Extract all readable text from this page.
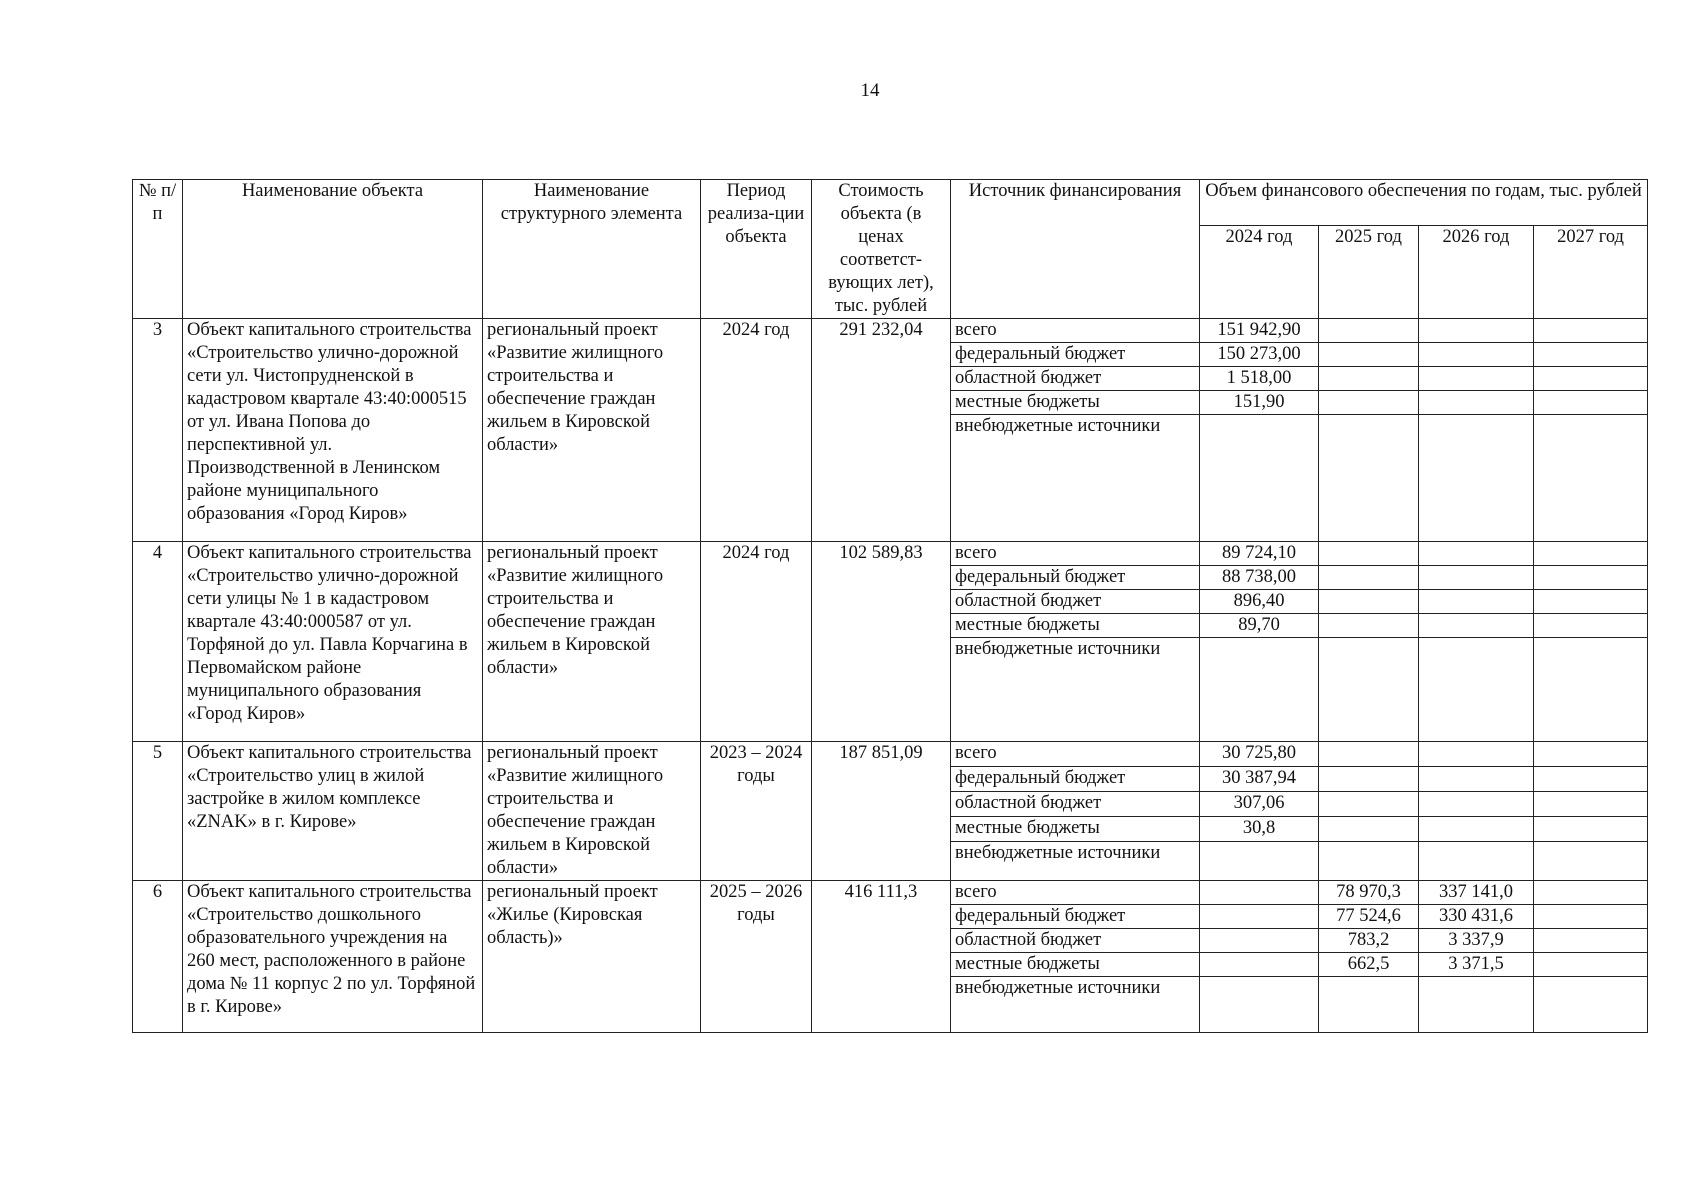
14
№ п/п	Наименование объекта	Наименование структурного элемента	Период реализа-ции объекта	Стоимость объекта (в ценах соответст-вующих лет), тыс. рублей	Источник финансирования	Объем финансового обеспечения по годам, тыс. рублей			
						2024 год	2025 год	2026 год	2027 год
3	Объект капитального строительства «Строительство улично-дорожной сети ул. Чистопрудненской в кадастровом квартале 43:40:000515 от ул. Ивана Попова до перспективной ул. Производственной в Ленинском районе муниципального образования «Город Киров»	региональный проект «Развитие жилищного строительства и обеспечение граждан жильем в Кировской области»	2024 год	291 232,04	всего	151 942,90			
					федеральный бюджет	150 273,00			
					областной бюджет	1 518,00			
					местные бюджеты	151,90			
					внебюджетные источники				
4	Объект капитального строительства «Строительство улично-дорожной сети улицы № 1 в кадастровом квартале 43:40:000587 от ул. Торфяной до ул. Павла Корчагина в Первомайском районе муниципального образования «Город Киров»	региональный проект «Развитие жилищного строительства и обеспечение граждан жильем в Кировской области»	2024 год	102 589,83	всего	89 724,10			
					федеральный бюджет	88 738,00			
					областной бюджет	896,40			
					местные бюджеты	89,70			
					внебюджетные источники				
5	Объект капитального строительства «Строительство улиц в жилой застройке в жилом комплексе «ZNAK» в г. Кирове»	региональный проект «Развитие жилищного строительства и обеспечение граждан жильем в Кировской области»	2023 – 2024 годы	187 851,09	всего	30 725,80			
					федеральный бюджет	30 387,94			
					областной бюджет	307,06			
					местные бюджеты	30,8			
					внебюджетные источники				
6	Объект капитального строительства «Строительство дошкольного образовательного учреждения на 260 мест, расположенного в районе дома № 11 корпус 2 по ул. Торфяной в г. Кирове»	региональный проект «Жилье (Кировская область)»	2025 – 2026 годы	416 111,3	всего		78 970,3	337 141,0	
					федеральный бюджет		77 524,6	330 431,6	
					областной бюджет		783,2	3 337,9	
					местные бюджеты		662,5	3 371,5	
					внебюджетные источники				
